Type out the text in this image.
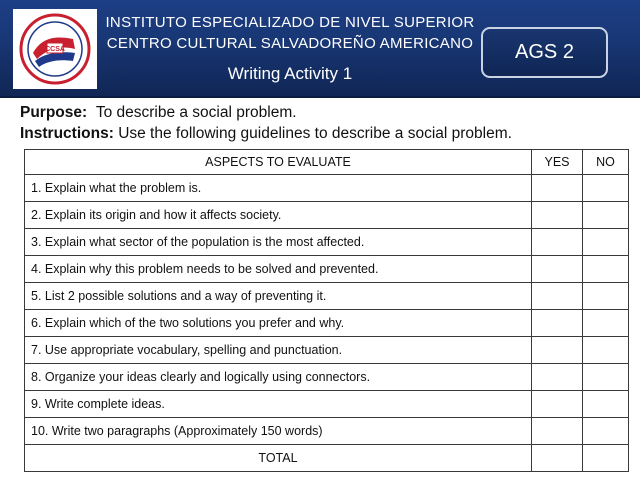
CCSA
INSTITUTO ESPECIALIZADO DE NIVEL SUPERIOR
CENTRO CULTURAL SALVADOREÑO AMERICANO
Writing Activity 1
AGS 2
Purpose: To describe a social problem.
Instructions: Use the following guidelines to describe a social problem.
ASPECTS TO EVALUATE	YES	NO
1. Explain what the problem is.		
2. Explain its origin and how it affects society.		
3. Explain what sector of the population is the most affected.		
4. Explain why this problem needs to be solved and prevented.		
5. List 2 possible solutions and a way of preventing it.		
6. Explain which of the two solutions you prefer and why.		
7. Use appropriate vocabulary, spelling and punctuation.		
8. Organize your ideas clearly and logically using connectors.		
9. Write complete ideas.		
10. Write two paragraphs (Approximately 150 words)		
TOTAL		
